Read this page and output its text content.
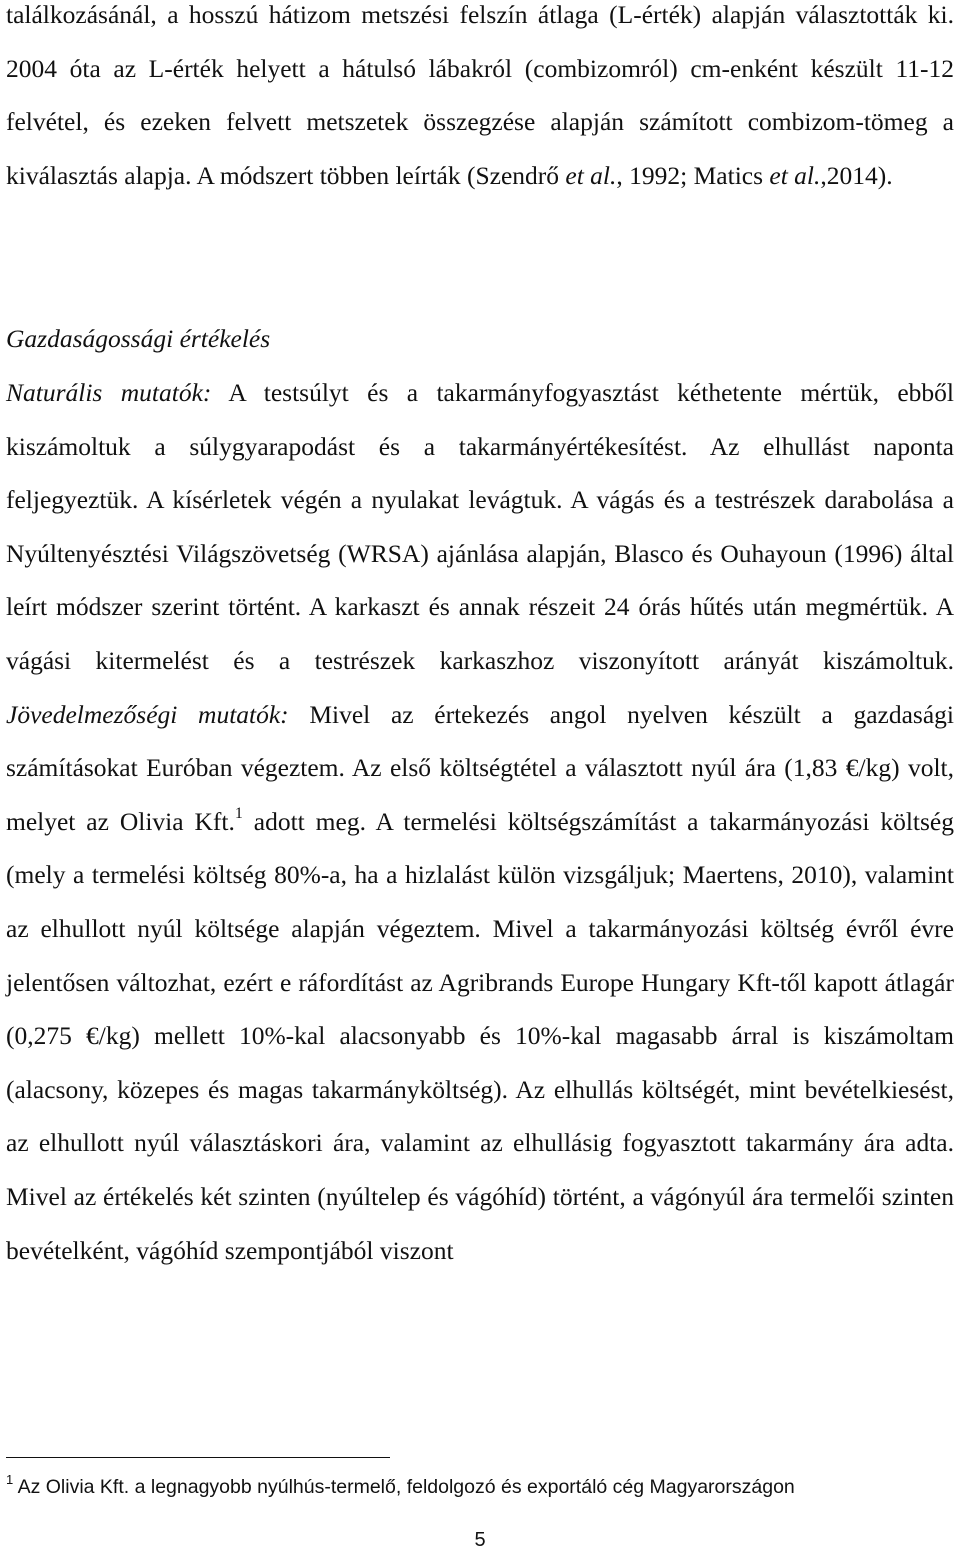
találkozásánál, a hosszú hátizom metszési felszín átlaga (L-érték) alapján választották ki. 2004 óta az L-érték helyett a hátulsó lábakról (combizomról) cm-enként készült 11-12 felvétel, és ezeken felvett metszetek összegzése alapján számított combizom-tömeg a kiválasztás alapja. A módszert többen leírták (Szendrő et al., 1992; Matics et al.,2014).

Gazdaságossági értékelés

Naturális mutatók: A testsúlyt és a takarmányfogyasztást kéthetente mértük, ebből kiszámoltuk a súlygyarapodást és a takarmányértékesítést. Az elhullást naponta feljegyeztük. A kísérletek végén a nyulakat levágtuk. A vágás és a testrészek darabolása a Nyúltenyésztési Világszövetség (WRSA) ajánlása alapján, Blasco és Ouhayoun (1996) által leírt módszer szerint történt. A karkaszt és annak részeit 24 órás hűtés után megmértük. A vágási kitermelést és a testrészek karkaszhoz viszonyított arányát kiszámoltuk. Jövedelmezőségi mutatók: Mivel az értekezés angol nyelven készült a gazdasági számításokat Euróban végeztem. Az első költségtétel a választott nyúl ára (1,83 €/kg) volt, melyet az Olivia Kft.$^1$ adott meg. A termelési költségszámítást a takarmányozási költség (mely a termelési költség 80%-a, ha a hizlalást külön vizsgáljuk; Maertens, 2010), valamint az elhullott nyúl költsége alapján végeztem. Mivel a takarmányozási költség évről évre jelentősen változhat, ezért e ráfordítást az Agribrands Europe Hungary Kft-től kapott átlagár (0,275 €/kg) mellett 10%-kal alacsonyabb és 10%-kal magasabb árral is kiszámoltam (alacsony, közepes és magas takarmányköltség). Az elhullás költségét, mint bevételkiesést, az elhullott nyúl választáskori ára, valamint az elhullásig fogyasztott takarmány ára adta. Mivel az értékelés két szinten (nyúltelep és vágóhíd) történt, a vágónyúl ára termelői szinten bevételként, vágóhíd szempontjából viszont

$^1$ Az Olivia Kft. a legnagyobb nyúlhús-termelő, feldolgozó és exportáló cég Magyarországon
5
